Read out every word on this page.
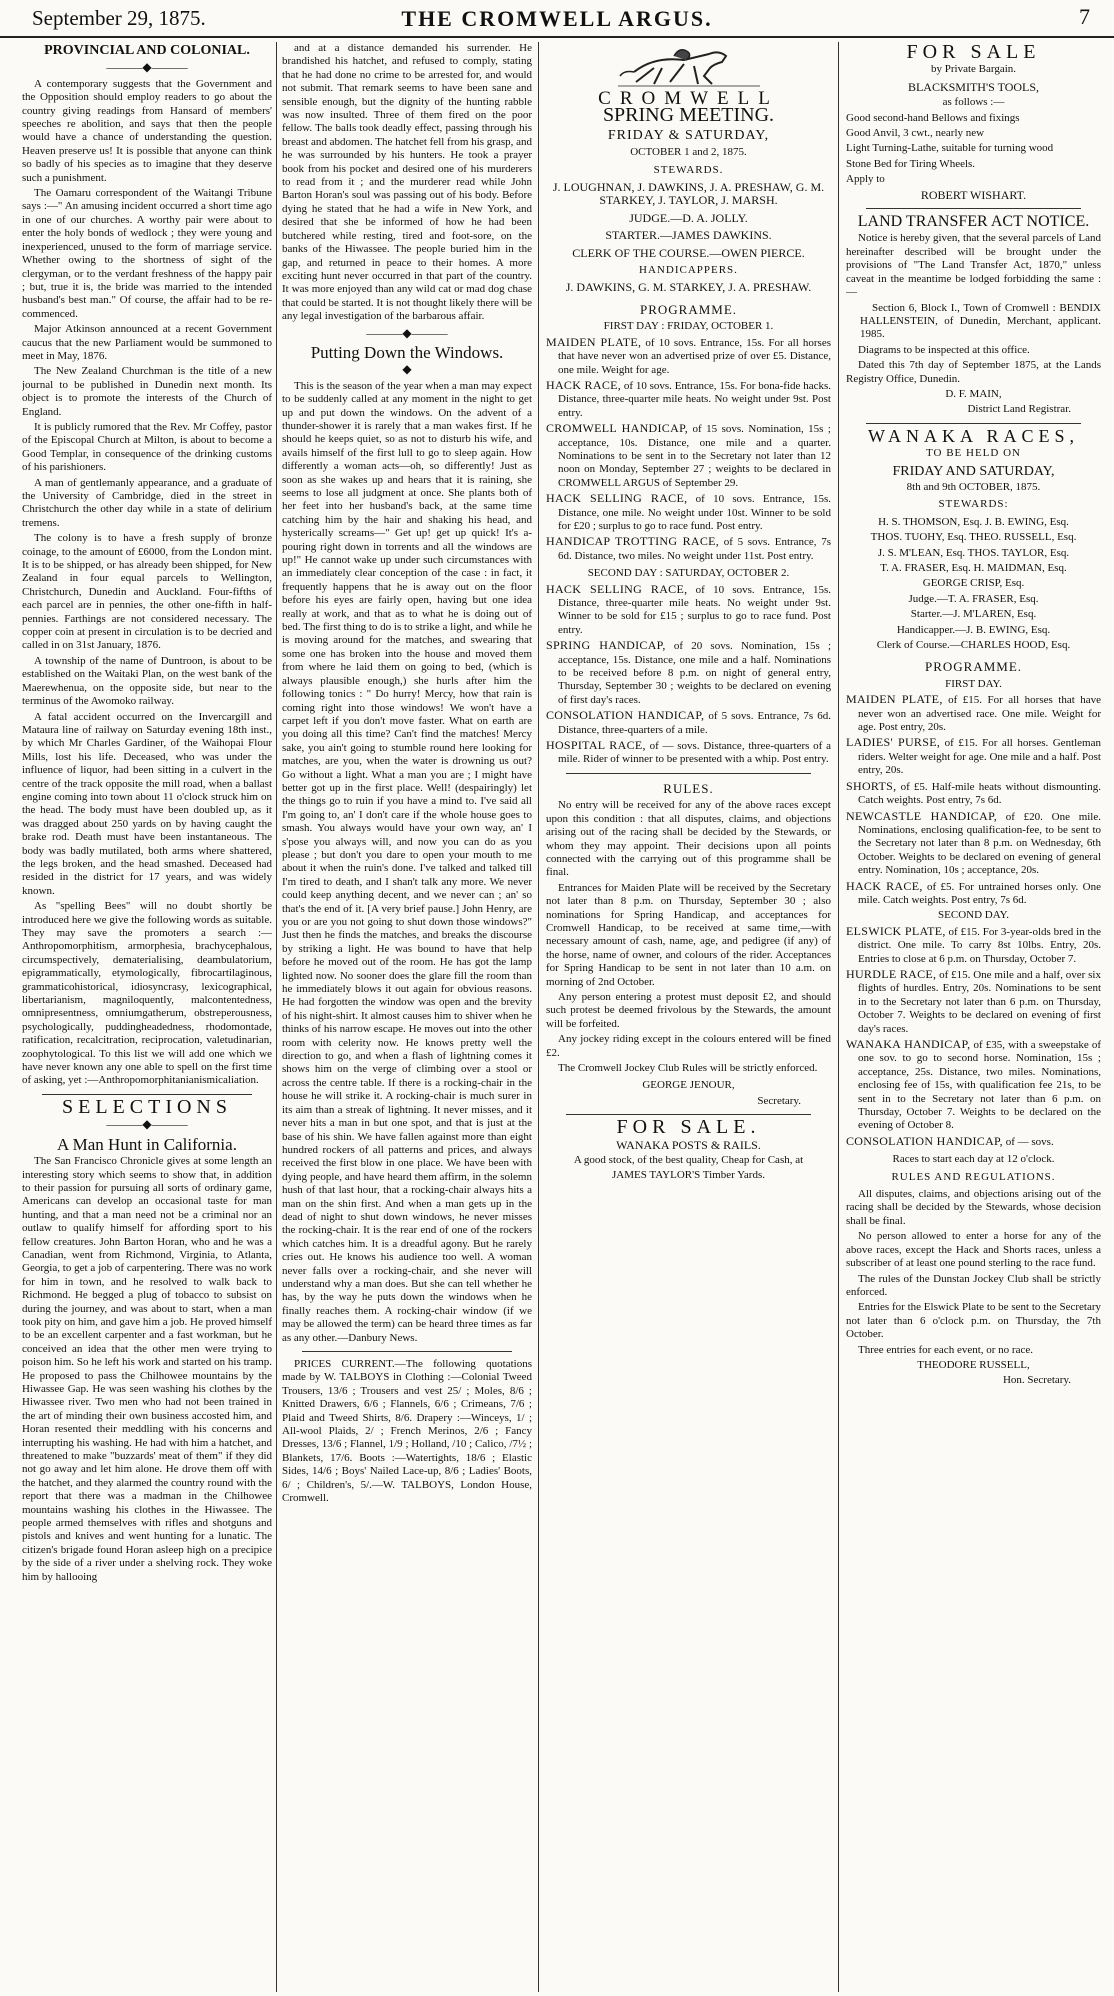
September 29, 1875.	THE CROMWELL ARGUS.	7
PROVINCIAL AND COLONIAL.
———◆———

A contemporary suggests that the Government and the Opposition should employ readers to go about the country giving readings from Hansard of members' speeches re abolition, and says that then the people would have a chance of understanding the question. Heaven preserve us! It is possible that anyone can think so badly of his species as to imagine that they deserve such a punishment.

The Oamaru correspondent of the Waitangi Tribune says :—" An amusing incident occurred a short time ago in one of our churches. A worthy pair were about to enter the holy bonds of wedlock ; they were young and inexperienced, unused to the form of marriage service. Whether owing to the shortness of sight of the clergyman, or to the verdant freshness of the happy pair ; but, true it is, the bride was married to the intended husband's best man." Of course, the affair had to be re-commenced.

Major Atkinson announced at a recent Government caucus that the new Parliament would be summoned to meet in May, 1876.

The New Zealand Churchman is the title of a new journal to be published in Dunedin next month. Its object is to promote the interests of the Church of England.

It is publicly rumored that the Rev. Mr Coffey, pastor of the Episcopal Church at Milton, is about to become a Good Templar, in consequence of the drinking customs of his parishioners.

A man of gentlemanly appearance, and a graduate of the University of Cambridge, died in the street in Christchurch the other day while in a state of delirium tremens.

The colony is to have a fresh supply of bronze coinage, to the amount of £6000, from the London mint. It is to be shipped, or has already been shipped, for New Zealand in four equal parcels to Wellington, Christchurch, Dunedin and Auckland. Four-fifths of each parcel are in pennies, the other one-fifth in half-pennies. Farthings are not considered necessary. The copper coin at present in circulation is to be decried and called in on 31st January, 1876.

A township of the name of Duntroon, is about to be established on the Waitaki Plan, on the west bank of the Maerewhenua, on the opposite side, but near to the terminus of the Awomoko railway.

A fatal accident occurred on the Invercargill and Mataura line of railway on Saturday evening 18th inst., by which Mr Charles Gardiner, of the Waihopai Flour Mills, lost his life. Deceased, who was under the influence of liquor, had been sitting in a culvert in the centre of the track opposite the mill road, when a ballast engine coming into town about 11 o'clock struck him on the head. The body must have been doubled up, as it was dragged about 250 yards on by having caught the brake rod. Death must have been instantaneous. The body was badly mutilated, both arms where shattered, the legs broken, and the head smashed. Deceased had resided in the district for 17 years, and was widely known.

As "spelling Bees" will no doubt shortly be introduced here we give the following words as suitable. They may save the promoters a search :—Anthropomorphitism, armorphesia, brachycephalous, circumspectively, dematerialising, deambulatorium, epigrammatically, etymologically, fibrocartilaginous, grammaticohistorical, idiosyncrasy, lexicographical, libertarianism, magniloquently, malcontentedness, omnipresentness, omniumgatherum, obstreperousness, psychologically, puddingheadedness, rhodomontade, ratification, recalcitration, reciprocation, valetudinarian, zoophytological. To this list we will add one which we have never known any one able to spell on the first time of asking, yet :—Anthropomorphitanianismicaliation.

SELECTIONS
———◆———
A Man Hunt in California.

The San Francisco Chronicle gives at some length an interesting story which seems to show that, in addition to their passion for pursuing all sorts of ordinary game, Americans can develop an occasional taste for man hunting, and that a man need not be a criminal nor an outlaw to qualify himself for affording sport to his fellow creatures. John Barton Horan, who and he was a Canadian, went from Richmond, Virginia, to Atlanta, Georgia, to get a job of carpentering. There was no work for him in town, and he resolved to walk back to Richmond. He begged a plug of tobacco to subsist on during the journey, and was about to start, when a man took pity on him, and gave him a job. He proved himself to be an excellent carpenter and a fast workman, but he conceived an idea that the other men were trying to poison him. So he left his work and started on his tramp. He proposed to pass the Chilhowee mountains by the Hiwassee Gap. He was seen washing his clothes by the Hiwassee river. Two men who had not been trained in the art of minding their own business accosted him, and Horan resented their meddling with his concerns and interrupting his washing. He had with him a hatchet, and threatened to make "buzzards' meat of them" if they did not go away and let him alone. He drove them off with the hatchet, and they alarmed the country round with the report that there was a madman in the Chilhowee mountains washing his clothes in the Hiwassee. The people armed themselves with rifles and shotguns and pistols and knives and went hunting for a lunatic. The citizen's brigade found Horan asleep high on a precipice by the side of a river under a shelving rock. They woke him by hallooing

and at a distance demanded his surrender. He brandished his hatchet, and refused to comply, stating that he had done no crime to be arrested for, and would not submit. That remark seems to have been sane and sensible enough, but the dignity of the hunting rabble was now insulted. Three of them fired on the poor fellow. The balls took deadly effect, passing through his breast and abdomen. The hatchet fell from his grasp, and he was surrounded by his hunters. He took a prayer book from his pocket and desired one of his murderers to read from it ; and the murderer read while John Barton Horan's soul was passing out of his body. Before dying he stated that he had a wife in New York, and desired that she be informed of how he had been butchered while resting, tired and foot-sore, on the banks of the Hiwassee. The people buried him in the gap, and returned in peace to their homes. A more exciting hunt never occurred in that part of the country. It was more enjoyed than any wild cat or mad dog chase that could be started. It is not thought likely there will be any legal investigation of the barbarous affair.

———◆———
Putting Down the Windows.
◆

This is the season of the year when a man may expect to be suddenly called at any moment in the night to get up and put down the windows. On the advent of a thunder-shower it is rarely that a man wakes first. If he should he keeps quiet, so as not to disturb his wife, and avails himself of the first lull to go to sleep again. How differently a woman acts—oh, so differently! Just as soon as she wakes up and hears that it is raining, she seems to lose all judgment at once. She plants both of her feet into her husband's back, at the same time catching him by the hair and shaking his head, and hysterically screams—" Get up! get up quick! It's a-pouring right down in torrents and all the windows are up!" He cannot wake up under such circumstances with an immediately clear conception of the case : in fact, it frequently happens that he is away out on the floor before his eyes are fairly open, having but one idea really at work, and that as to what he is doing out of bed. The first thing to do is to strike a light, and while he is moving around for the matches, and swearing that some one has broken into the house and moved them from where he laid them on going to bed, (which is always plausible enough,) she hurls after him the following tonics : " Do hurry! Mercy, how that rain is coming right into those windows! We won't have a carpet left if you don't move faster. What on earth are you doing all this time? Can't find the matches! Mercy sake, you ain't going to stumble round here looking for matches, are you, when the water is drowning us out? Go without a light. What a man you are ; I might have better got up in the first place. Well! (despairingly) let the things go to ruin if you have a mind to. I've said all I'm going to, an' I don't care if the whole house goes to smash. You always would have your own way, an' I s'pose you always will, and now you can do as you please ; but don't you dare to open your mouth to me about it when the ruin's done. I've talked and talked till I'm tired to death, and I shan't talk any more. We never could keep anything decent, and we never can ; an' so that's the end of it. [A very brief pause.] John Henry, are you or are you not going to shut down those windows?" Just then he finds the matches, and breaks the discourse by striking a light. He was bound to have that help before he moved out of the room. He has got the lamp lighted now. No sooner does the glare fill the room than he immediately blows it out again for obvious reasons. He had forgotten the window was open and the brevity of his night-shirt. It almost causes him to shiver when he thinks of his narrow escape. He moves out into the other room with celerity now. He knows pretty well the direction to go, and when a flash of lightning comes it shows him on the verge of climbing over a stool or across the centre table. If there is a rocking-chair in the house he will strike it. A rocking-chair is much surer in its aim than a streak of lightning. It never misses, and it never hits a man in but one spot, and that is just at the base of his shin. We have fallen against more than eight hundred rockers of all patterns and prices, and always received the first blow in one place. We have been with dying people, and have heard them affirm, in the solemn hush of that last hour, that a rocking-chair always hits a man on the shin first. And when a man gets up in the dead of night to shut down windows, he never misses the rocking-chair. It is the rear end of one of the rockers which catches him. It is a dreadful agony. But he rarely cries out. He knows his audience too well. A woman never falls over a rocking-chair, and she never will understand why a man does. But she can tell whether he has, by the way he puts down the windows when he finally reaches them. A rocking-chair window (if we may be allowed the term) can be heard three times as far as any other.—Danbury News.

PRICES CURRENT.—The following quotations made by W. TALBOYS in Clothing :—Colonial Tweed Trousers, 13/6 ; Trousers and vest 25/ ; Moles, 8/6 ; Knitted Drawers, 6/6 ; Flannels, 6/6 ; Crimeans, 7/6 ; Plaid and Tweed Shirts, 8/6. Drapery :—Winceys, 1/ ; All-wool Plaids, 2/ ; French Merinos, 2/6 ; Fancy Dresses, 13/6 ; Flannel, 1/9 ; Holland, /10 ; Calico, /7½ ; Blankets, 17/6. Boots :—Watertights, 18/6 ; Elastic Sides, 14/6 ; Boys' Nailed Lace-up, 8/6 ; Ladies' Boots, 6/ ; Children's, 5/.—W. TALBOYS, London House, Cromwell.

CROMWELL
SPRING MEETING.
FRIDAY & SATURDAY,
OCTOBER 1 and 2, 1875.
STEWARDS.

J. LOUGHNAN, J. DAWKINS, J. A. PRESHAW, G. M. STARKEY, J. TAYLOR, J. MARSH.

JUDGE.—D. A. JOLLY.

STARTER.—JAMES DAWKINS.

CLERK OF THE COURSE.—OWEN PIERCE.

HANDICAPPERS.

J. DAWKINS, G. M. STARKEY, J. A. PRESHAW.

PROGRAMME.

FIRST DAY : FRIDAY, OCTOBER 1.

MAIDEN PLATE, of 10 sovs. Entrance, 15s. For all horses that have never won an advertised prize of over £5. Distance, one mile. Weight for age.

HACK RACE, of 10 sovs. Entrance, 15s. For bona-fide hacks. Distance, three-quarter mile heats. No weight under 9st. Post entry.

CROMWELL HANDICAP, of 15 sovs. Nomination, 15s ; acceptance, 10s. Distance, one mile and a quarter. Nominations to be sent in to the Secretary not later than 12 noon on Monday, September 27 ; weights to be declared in CROMWELL ARGUS of September 29.

HACK SELLING RACE, of 10 sovs. Entrance, 15s. Distance, one mile. No weight under 10st. Winner to be sold for £20 ; surplus to go to race fund. Post entry.

HANDICAP TROTTING RACE, of 5 sovs. Entrance, 7s 6d. Distance, two miles. No weight under 11st. Post entry.

SECOND DAY : SATURDAY, OCTOBER 2.

HACK SELLING RACE, of 10 sovs. Entrance, 15s. Distance, three-quarter mile heats. No weight under 9st. Winner to be sold for £15 ; surplus to go to race fund. Post entry.

SPRING HANDICAP, of 20 sovs. Nomination, 15s ; acceptance, 15s. Distance, one mile and a half. Nominations to be received before 8 p.m. on night of general entry, Thursday, September 30 ; weights to be declared on evening of first day's races.

CONSOLATION HANDICAP, of 5 sovs. Entrance, 7s 6d. Distance, three-quarters of a mile.

HOSPITAL RACE, of — sovs. Distance, three-quarters of a mile. Rider of winner to be presented with a whip. Post entry.

RULES.

No entry will be received for any of the above races except upon this condition : that all disputes, claims, and objections arising out of the racing shall be decided by the Stewards, or whom they may appoint. Their decisions upon all points connected with the carrying out of this programme shall be final.

Entrances for Maiden Plate will be received by the Secretary not later than 8 p.m. on Thursday, September 30 ; also nominations for Spring Handicap, and acceptances for Cromwell Handicap, to be received at same time,—with necessary amount of cash, name, age, and pedigree (if any) of the horse, name of owner, and colours of the rider. Acceptances for Spring Handicap to be sent in not later than 10 a.m. on morning of 2nd October.

Any person entering a protest must deposit £2, and should such protest be deemed frivolous by the Stewards, the amount will be forfeited.

Any jockey riding except in the colours entered will be fined £2.

The Cromwell Jockey Club Rules will be strictly enforced.

GEORGE JENOUR,

Secretary.

FOR SALE.

WANAKA POSTS & RAILS.

A good stock, of the best quality, Cheap for Cash, at

JAMES TAYLOR'S Timber Yards.

FOR SALE

by Private Bargain.

BLACKSMITH'S TOOLS,

as follows :—

Good second-hand Bellows and fixings

Good Anvil, 3 cwt., nearly new

Light Turning-Lathe, suitable for turning wood

Stone Bed for Tiring Wheels.

Apply to

ROBERT WISHART.

LAND TRANSFER ACT NOTICE.

Notice is hereby given, that the several parcels of Land hereinafter described will be brought under the provisions of "The Land Transfer Act, 1870," unless caveat in the meantime be lodged forbidding the same :—

Section 6, Block I., Town of Cromwell : BENDIX HALLENSTEIN, of Dunedin, Merchant, applicant. 1985.

Diagrams to be inspected at this office.

Dated this 7th day of September 1875, at the Lands Registry Office, Dunedin.

D. F. MAIN,

District Land Registrar.

WANAKA RACES,
TO BE HELD ON
FRIDAY AND SATURDAY,
8th and 9th OCTOBER, 1875.
STEWARDS:

H. S. THOMSON, Esq. J. B. EWING, Esq.

THOS. TUOHY, Esq. THEO. RUSSELL, Esq.

J. S. M'LEAN, Esq. THOS. TAYLOR, Esq.

T. A. FRASER, Esq. H. MAIDMAN, Esq.

GEORGE CRISP, Esq.

Judge.—T. A. FRASER, Esq.

Starter.—J. M'LAREN, Esq.

Handicapper.—J. B. EWING, Esq.

Clerk of Course.—CHARLES HOOD, Esq.

PROGRAMME.

FIRST DAY.

MAIDEN PLATE, of £15. For all horses that have never won an advertised race. One mile. Weight for age. Post entry, 20s.

LADIES' PURSE, of £15. For all horses. Gentleman riders. Welter weight for age. One mile and a half. Post entry, 20s.

SHORTS, of £5. Half-mile heats without dismounting. Catch weights. Post entry, 7s 6d.

NEWCASTLE HANDICAP, of £20. One mile. Nominations, enclosing qualification-fee, to be sent to the Secretary not later than 8 p.m. on Wednesday, 6th October. Weights to be declared on evening of general entry. Nomination, 10s ; acceptance, 20s.

HACK RACE, of £5. For untrained horses only. One mile. Catch weights. Post entry, 7s 6d.

SECOND DAY.

ELSWICK PLATE, of £15. For 3-year-olds bred in the district. One mile. To carry 8st 10lbs. Entry, 20s. Entries to close at 6 p.m. on Thursday, October 7.

HURDLE RACE, of £15. One mile and a half, over six flights of hurdles. Entry, 20s. Nominations to be sent in to the Secretary not later than 6 p.m. on Thursday, October 7. Weights to be declared on evening of first day's races.

WANAKA HANDICAP, of £35, with a sweepstake of one sov. to go to second horse. Nomination, 15s ; acceptance, 25s. Distance, two miles. Nominations, enclosing fee of 15s, with qualification fee 21s, to be sent in to the Secretary not later than 6 p.m. on Thursday, October 7. Weights to be declared on the evening of October 8.

CONSOLATION HANDICAP, of — sovs.

Races to start each day at 12 o'clock.

RULES AND REGULATIONS.

All disputes, claims, and objections arising out of the racing shall be decided by the Stewards, whose decision shall be final.

No person allowed to enter a horse for any of the above races, except the Hack and Shorts races, unless a subscriber of at least one pound sterling to the race fund.

The rules of the Dunstan Jockey Club shall be strictly enforced.

Entries for the Elswick Plate to be sent to the Secretary not later than 6 o'clock p.m. on Thursday, the 7th October.

Three entries for each event, or no race.

THEODORE RUSSELL,

Hon. Secretary.
